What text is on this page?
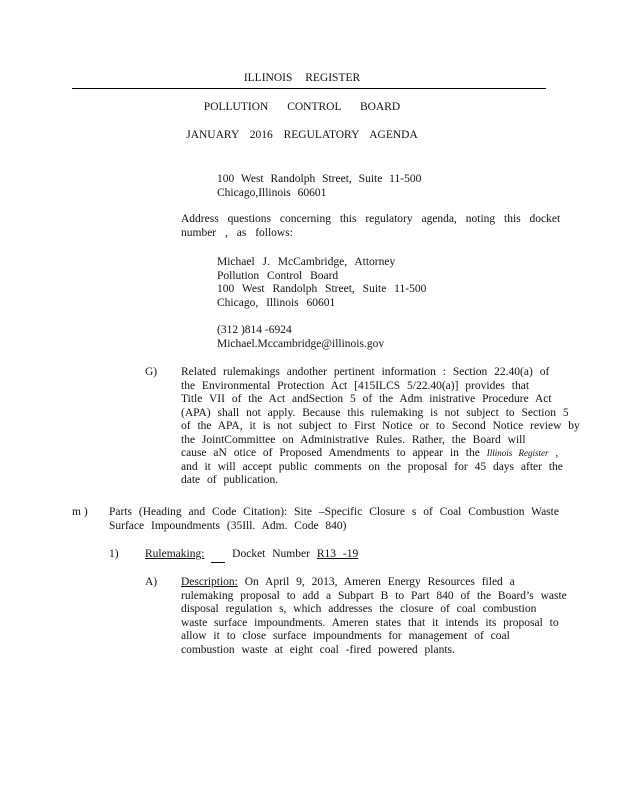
ILLINOIS REGISTER
POLLUTION CONTROL BOARD
JANUARY 2016 REGULATORY AGENDA
100 West Randolph Street, Suite 11-500
Chicago,Illinois 60601
Address questions concerning this regulatory agenda, noting this docket
number , as follows:
Michael J. McCambridge, Attorney
Pollution Control Board
100 West Randolph Street, Suite 11-500
Chicago, Illinois 60601
(312 )814 -6924
Michael.Mccambridge@illinois.gov
G) Related rulemakings andother pertinent information : Section 22.40(a) of
the Environmental Protection Act [415ILCS 5/22.40(a)] provides that
Title VII of the Act andSection 5 of the Adm inistrative Procedure Act
(APA) shall not apply. Because this rulemaking is not subject to Section 5
of the APA, it is not subject to First Notice or to Second Notice review by
the JointCommittee on Administrative Rules. Rather, the Board will
cause aN otice of Proposed Amendments to appear in the Illinois Register ,
and it will accept public comments on the proposal for 45 days after the
date of publication.
m ) Parts (Heading and Code Citation): Site –Specific Closure s of Coal Combustion Waste
Surface Impoundments (35Ill. Adm. Code 840)
1) Rulemaking: Docket Number R13 -19
A) Description: On April 9, 2013, Ameren Energy Resources filed a
rulemaking proposal to add a Subpart B to Part 840 of the Board’s waste
disposal regulation s, which addresses the closure of coal combustion
waste surface impoundments. Ameren states that it intends its proposal to
allow it to close surface impoundments for management of coal
combustion waste at eight coal -fired powered plants.
